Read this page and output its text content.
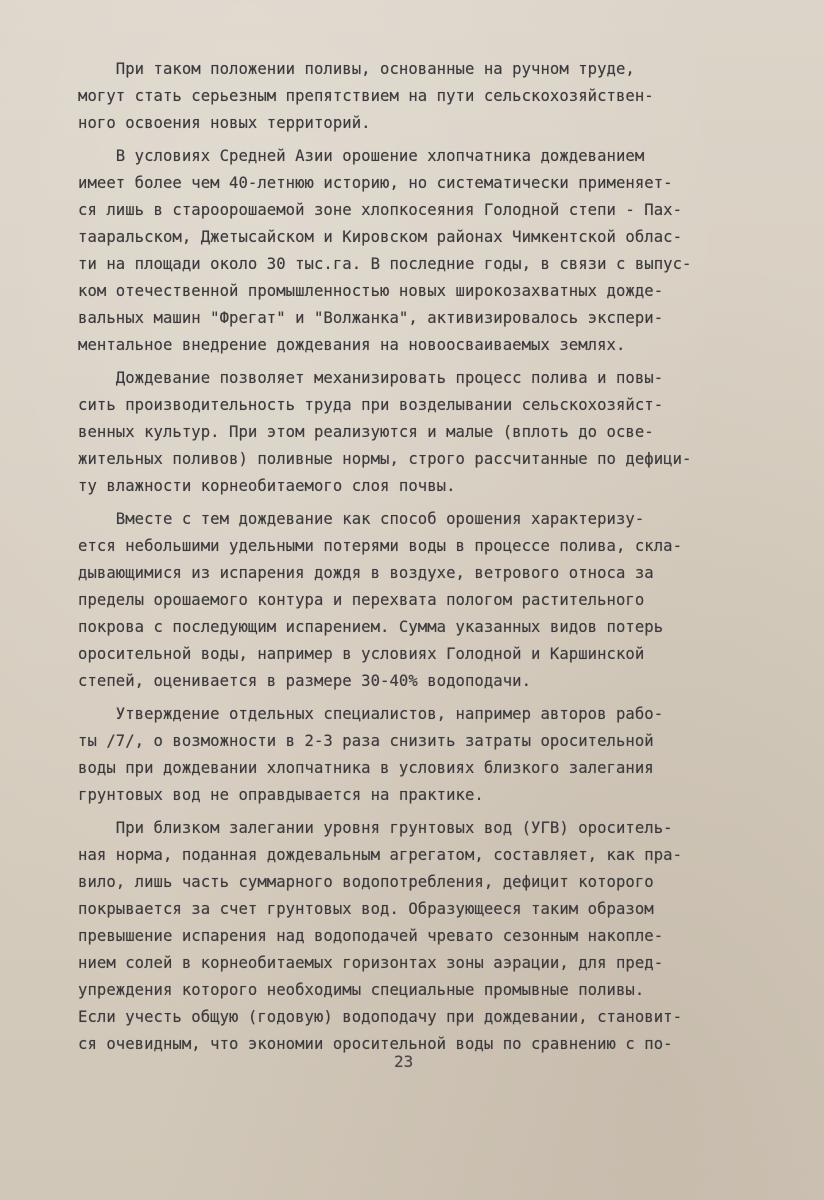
При таком положении поливы, основанные на ручном труде,
могут стать серьезным препятствием на пути сельскохозяйствен-
ного освоения новых территорий.
В условиях Средней Азии орошение хлопчатника дождеванием
имеет более чем 40-летнюю историю, но систематически применяет-
ся лишь в староорошаемой зоне хлопкосеяния Голодной степи - Пах-
тааральском, Джетысайском и Кировском районах Чимкентской облас-
ти на площади около 30 тыс.га. В последние годы, в связи с выпус-
ком отечественной промышленностью новых широкозахватных дожде-
вальных машин "Фрегат" и "Волжанка", активизировалось экспери-
ментальное внедрение дождевания на новоосваиваемых землях.
Дождевание позволяет механизировать процесс полива и повы-
сить производительность труда при возделывании сельскохозяйст-
венных культур. При этом реализуются и малые (вплоть до осве-
жительных поливов) поливные нормы, строго рассчитанные по дефици-
ту влажности корнеобитаемого слоя почвы.
Вместе с тем дождевание как способ орошения характеризу-
ется небольшими удельными потерями воды в процессе полива, скла-
дывающимися из испарения дождя в воздухе, ветрового относа за
пределы орошаемого контура и перехвата пологом растительного
покрова с последующим испарением. Сумма указанных видов потерь
оросительной воды, например в условиях Голодной и Каршинской
степей, оценивается в размере 30-40% водоподачи.
Утверждение отдельных специалистов, например авторов рабо-
ты /7/, о возможности в 2-3 раза снизить затраты оросительной
воды при дождевании хлопчатника в условиях близкого залегания
грунтовых вод не оправдывается на практике.
При близком залегании уровня грунтовых вод (УГВ) ороситель-
ная норма, поданная дождевальным агрегатом, составляет, как пра-
вило, лишь часть суммарного водопотребления, дефицит которого
покрывается за счет грунтовых вод. Образующееся таким образом
превышение испарения над водоподачей чревато сезонным накопле-
нием солей в корнеобитаемых горизонтах зоны аэрации, для пред-
упреждения которого необходимы специальные промывные поливы.
Если учесть общую (годовую) водоподачу при дождевании, становит-
ся очевидным, что экономии оросительной воды по сравнению с по-
23
